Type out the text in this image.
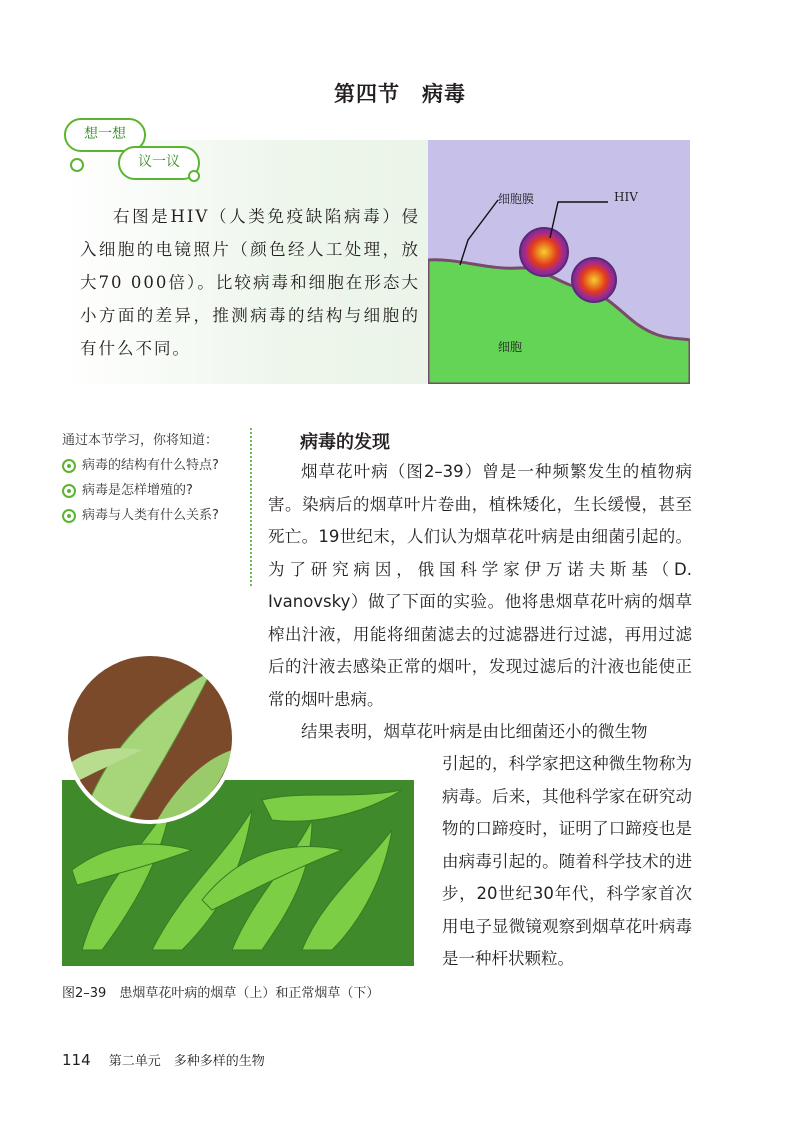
第四节　病毒
想一想
议一议
右图是HIV（人类免疫缺陷病毒）侵入细胞的电镜照片（颜色经人工处理，放大70 000倍）。比较病毒和细胞在形态大小方面的差异，推测病毒的结构与细胞的有什么不同。
细胞膜	HIV
细胞
通过本节学习，你将知道：
病毒的结构有什么特点?
病毒是怎样增殖的?
病毒与人类有什么关系?
病毒的发现
烟草花叶病（图2–39）曾是一种频繁发生的植物病害。染病后的烟草叶片卷曲，植株矮化，生长缓慢，甚至死亡。19世纪末，人们认为烟草花叶病是由细菌引起的。为了研究病因，俄国科学家伊万诺夫斯基（D. Ivanovsky）做了下面的实验。他将患烟草花叶病的烟草榨出汁液，用能将细菌滤去的过滤器进行过滤，再用过滤后的汁液去感染正常的烟叶，发现过滤后的汁液也能使正常的烟叶患病。
结果表明，烟草花叶病是由比细菌还小的微生物
引起的，科学家把这种微生物称为病毒。后来，其他科学家在研究动物的口蹄疫时，证明了口蹄疫也是由病毒引起的。随着科学技术的进步，20世纪30年代，科学家首次用电子显微镜观察到烟草花叶病毒是一种杆状颗粒。
图2–39　患烟草花叶病的烟草（上）和正常烟草（下）
114 第二单元　多种多样的生物
